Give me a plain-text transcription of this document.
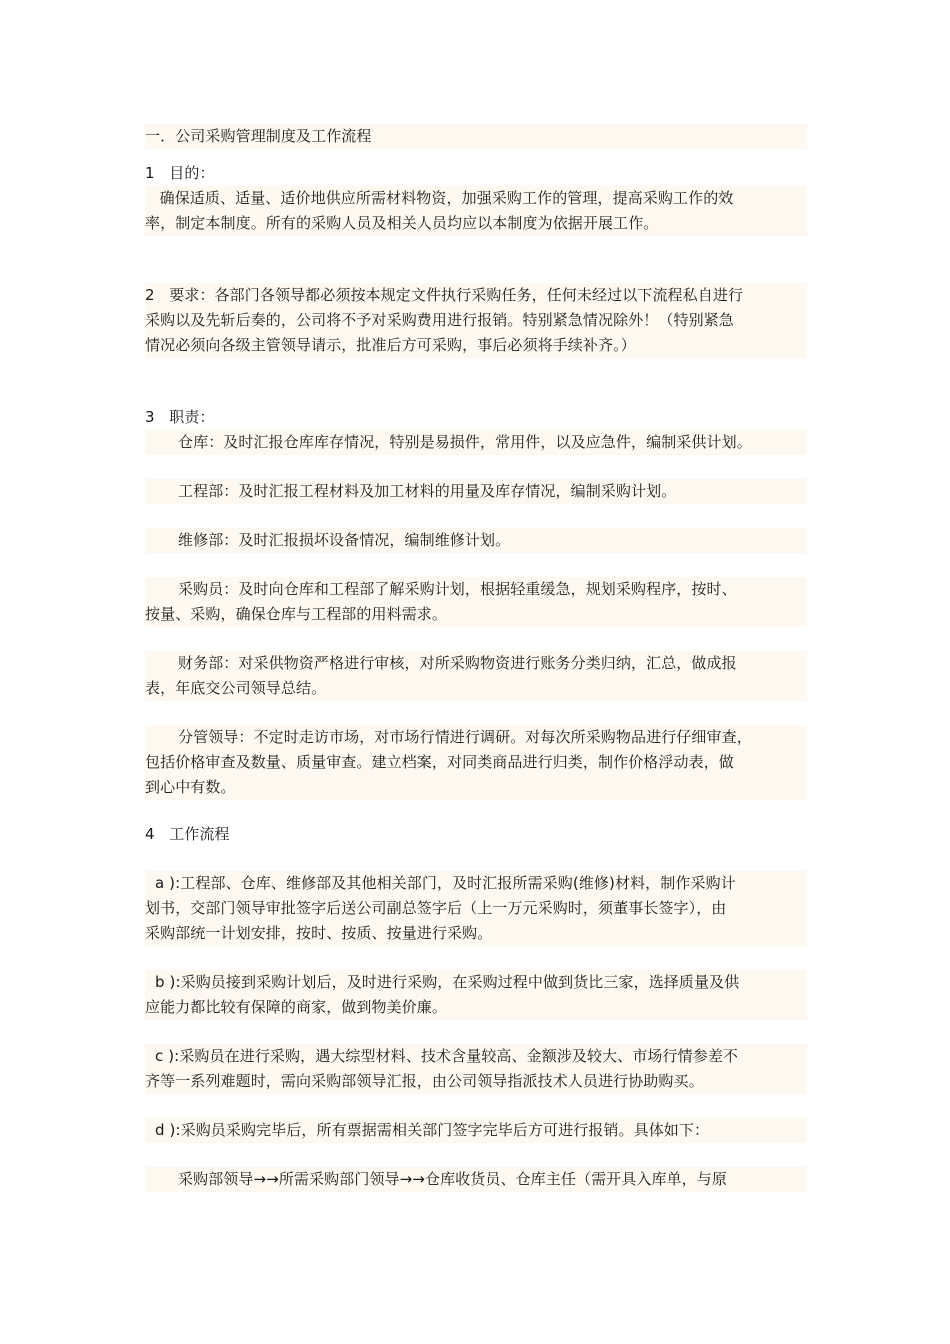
一．公司采购管理制度及工作流程
1   目的：
确保适质、适量、适价地供应所需材料物资，加强采购工作的管理，提高采购工作的效
率，制定本制度。所有的采购人员及相关人员均应以本制度为依据开展工作。
2   要求：各部门各领导都必须按本规定文件执行采购任务，任何未经过以下流程私自进行
采购以及先斩后奏的，公司将不予对采购费用进行报销。特别紧急情况除外！（特别紧急
情况必须向各级主管领导请示，批准后方可采购，事后必须将手续补齐。）
3   职责：
仓库：及时汇报仓库库存情况，特别是易损件，常用件，以及应急件，编制采供计划。
工程部：及时汇报工程材料及加工材料的用量及库存情况，编制采购计划。
维修部：及时汇报损坏设备情况，编制维修计划。
采购员：及时向仓库和工程部了解采购计划，根据轻重缓急，规划采购程序，按时、
按量、采购，确保仓库与工程部的用料需求。
财务部：对采供物资严格进行审核，对所采购物资进行账务分类归纳，汇总，做成报
表，年底交公司领导总结。
分管领导：不定时走访市场，对市场行情进行调研。对每次所采购物品进行仔细审查，
包括价格审查及数量、质量审查。建立档案，对同类商品进行归类，制作价格浮动表，做
到心中有数。
4   工作流程
a ):工程部、仓库、维修部及其他相关部门，及时汇报所需采购(维修)材料，制作采购计
划书，交部门领导审批签字后送公司副总签字后（上一万元采购时，须董事长签字），由
采购部统一计划安排，按时、按质、按量进行采购。
b ):采购员接到采购计划后，及时进行采购，在采购过程中做到货比三家，选择质量及供
应能力都比较有保障的商家，做到物美价廉。
c ):采购员在进行采购，遇大综型材料、技术含量较高、金额涉及较大、市场行情参差不
齐等一系列难题时，需向采购部领导汇报，由公司领导指派技术人员进行协助购买。
d ):采购员采购完毕后，所有票据需相关部门签字完毕后方可进行报销。具体如下：
采购部领导→→所需采购部门领导→→仓库收货员、仓库主任（需开具入库单，与原
